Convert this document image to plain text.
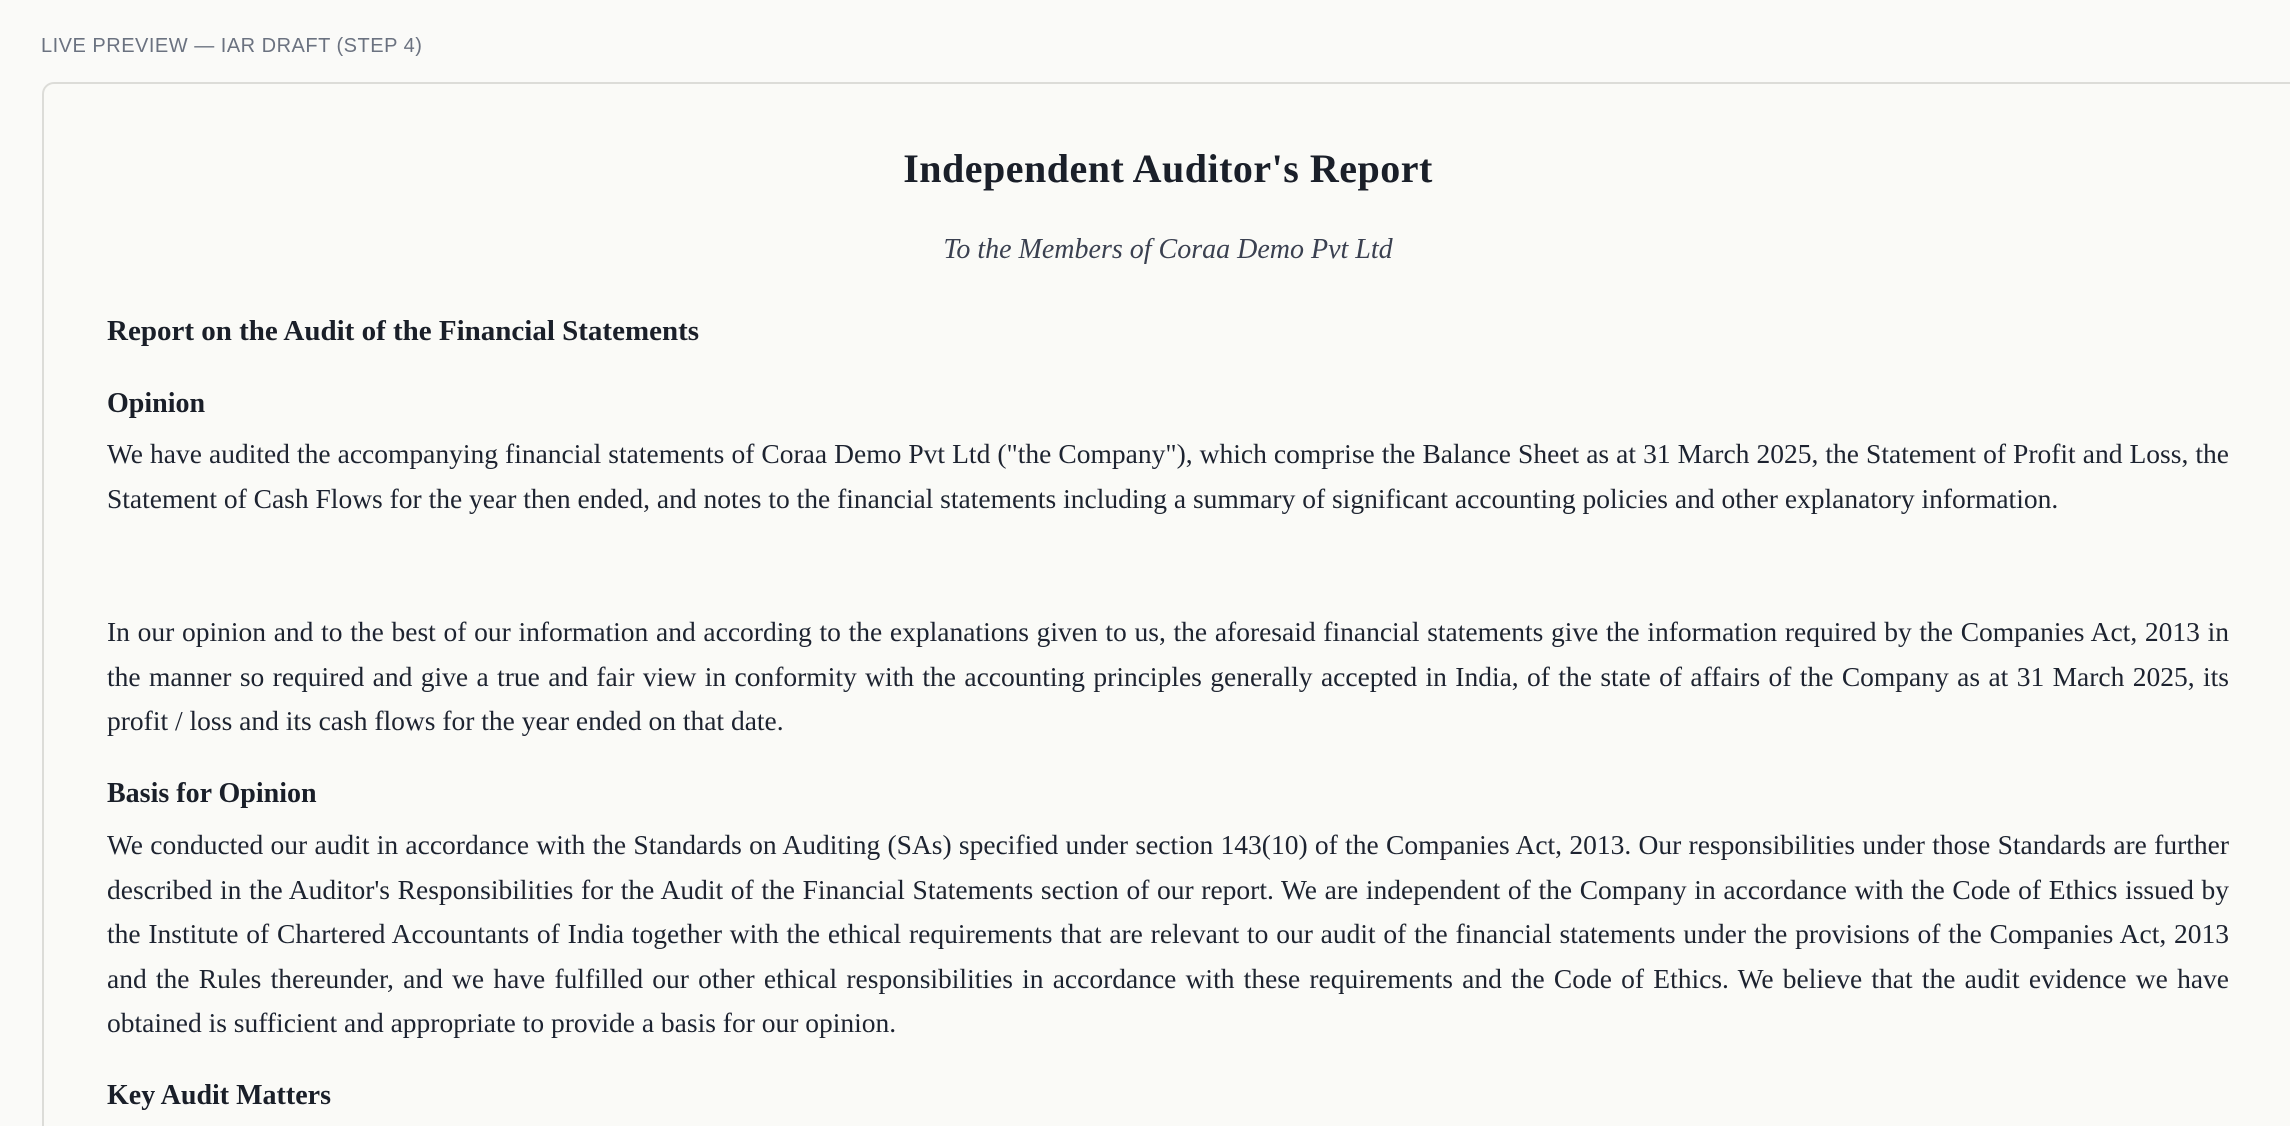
LIVE PREVIEW — IAR DRAFT (STEP 4)
Independent Auditor's Report

To the Members of Coraa Demo Pvt Ltd

Report on the Audit of the Financial Statements
Opinion

We have audited the accompanying financial statements of Coraa Demo Pvt Ltd ("the Company"), which comprise the Balance Sheet as at 31 March 2025, the Statement of Profit and Loss, the Statement of Cash Flows for the year then ended, and notes to the financial statements including a summary of significant accounting policies and other explanatory information.

In our opinion and to the best of our information and according to the explanations given to us, the aforesaid financial statements give the information required by the Companies Act, 2013 in the manner so required and give a true and fair view in conformity with the accounting principles generally accepted in India, of the state of affairs of the Company as at 31 March 2025, its profit / loss and its cash flows for the year ended on that date.

Basis for Opinion

We conducted our audit in accordance with the Standards on Auditing (SAs) specified under section 143(10) of the Companies Act, 2013. Our responsibilities under those Standards are further described in the Auditor's Responsibilities for the Audit of the Financial Statements section of our report. We are independent of the Company in accordance with the Code of Ethics issued by the Institute of Chartered Accountants of India together with the ethical requirements that are relevant to our audit of the financial statements under the provisions of the Companies Act, 2013 and the Rules thereunder, and we have fulfilled our other ethical responsibilities in accordance with these requirements and the Code of Ethics. We believe that the audit evidence we have obtained is sufficient and appropriate to provide a basis for our opinion.

Key Audit Matters
